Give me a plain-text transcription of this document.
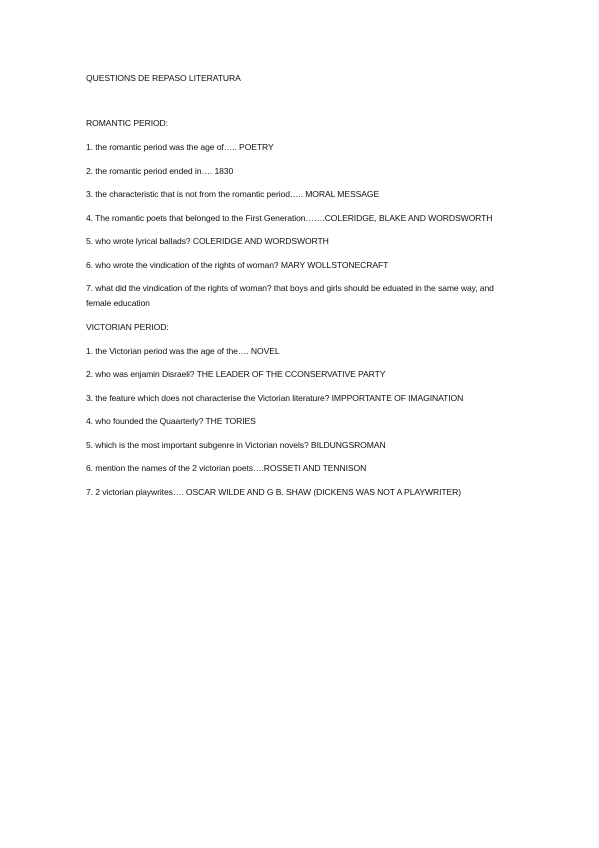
QUESTIONS DE REPASO LITERATURA
ROMANTIC PERIOD:
1. the romantic period was the age of….. POETRY
2. the romantic period ended in…. 1830
3. the characteristic that is not from the romantic period….. MORAL MESSAGE
4. The romantic poets that belonged to the First Generation…….COLERIDGE, BLAKE AND WORDSWORTH
5. who wrote lyrical ballads? COLERIDGE AND WORDSWORTH
6. who wrote the vindication of the rights of woman? MARY WOLLSTONECRAFT
7. what did the vindication of the rights of woman? that boys and girls should be eduated in the same way, and female education
VICTORIAN PERIOD:
1. the Victorian period was the age of the…. NOVEL
2. who was enjamin Disraeli? THE LEADER OF THE CCONSERVATIVE PARTY
3. the feature which does not characterise the Victorian literature? IMPPORTANTE OF IMAGINATION
4. who founded the Quaarterly? THE TORIES
5. which is the most important subgenre in Victorian novels? BILDUNGSROMAN
6. mention the names of the 2 victorian poets….ROSSETI AND TENNISON
7. 2 victorian playwrites…. OSCAR WILDE AND G B. SHAW (DICKENS WAS NOT A PLAYWRITER)
